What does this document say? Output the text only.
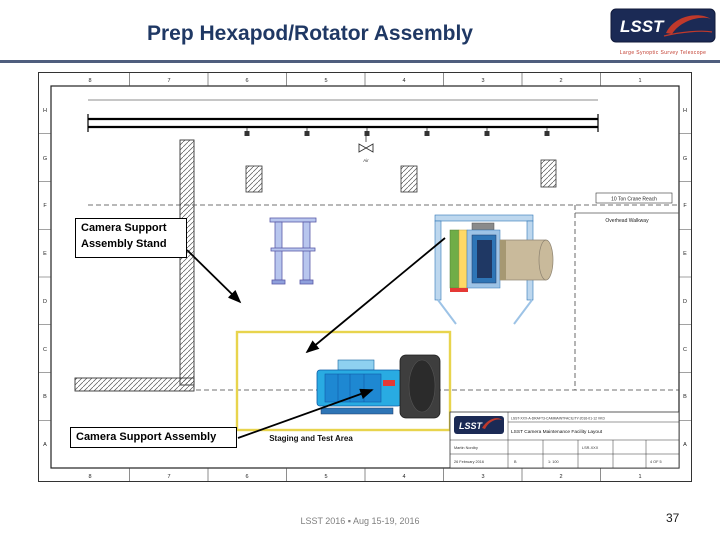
Prep Hexapod/Rotator Assembly	LSST
Large Synoptic Survey Telescope
8	7	6	5	4	3	2	1
8	7	6	5	4	3	2	1
H
G
F
E
D
C
B
A
H
G
F
E
D
C
B
A
Air
10 Ton Crane Reach
Overhead Walkway
Staging and Test Area
LSST
LSST-XXX-A-DRAFT3-CAMMAINTFACILITY-2016-01-12 VKD
LSST Camera Maintenance Facility Layout
Martin Nordby
26 February 2016	B	1: 100
LSR-XXX
4 OF 5
Camera Support Assembly Stand
Camera Support Assembly
LSST 2016 ▪ Aug 15-19, 2016	37
